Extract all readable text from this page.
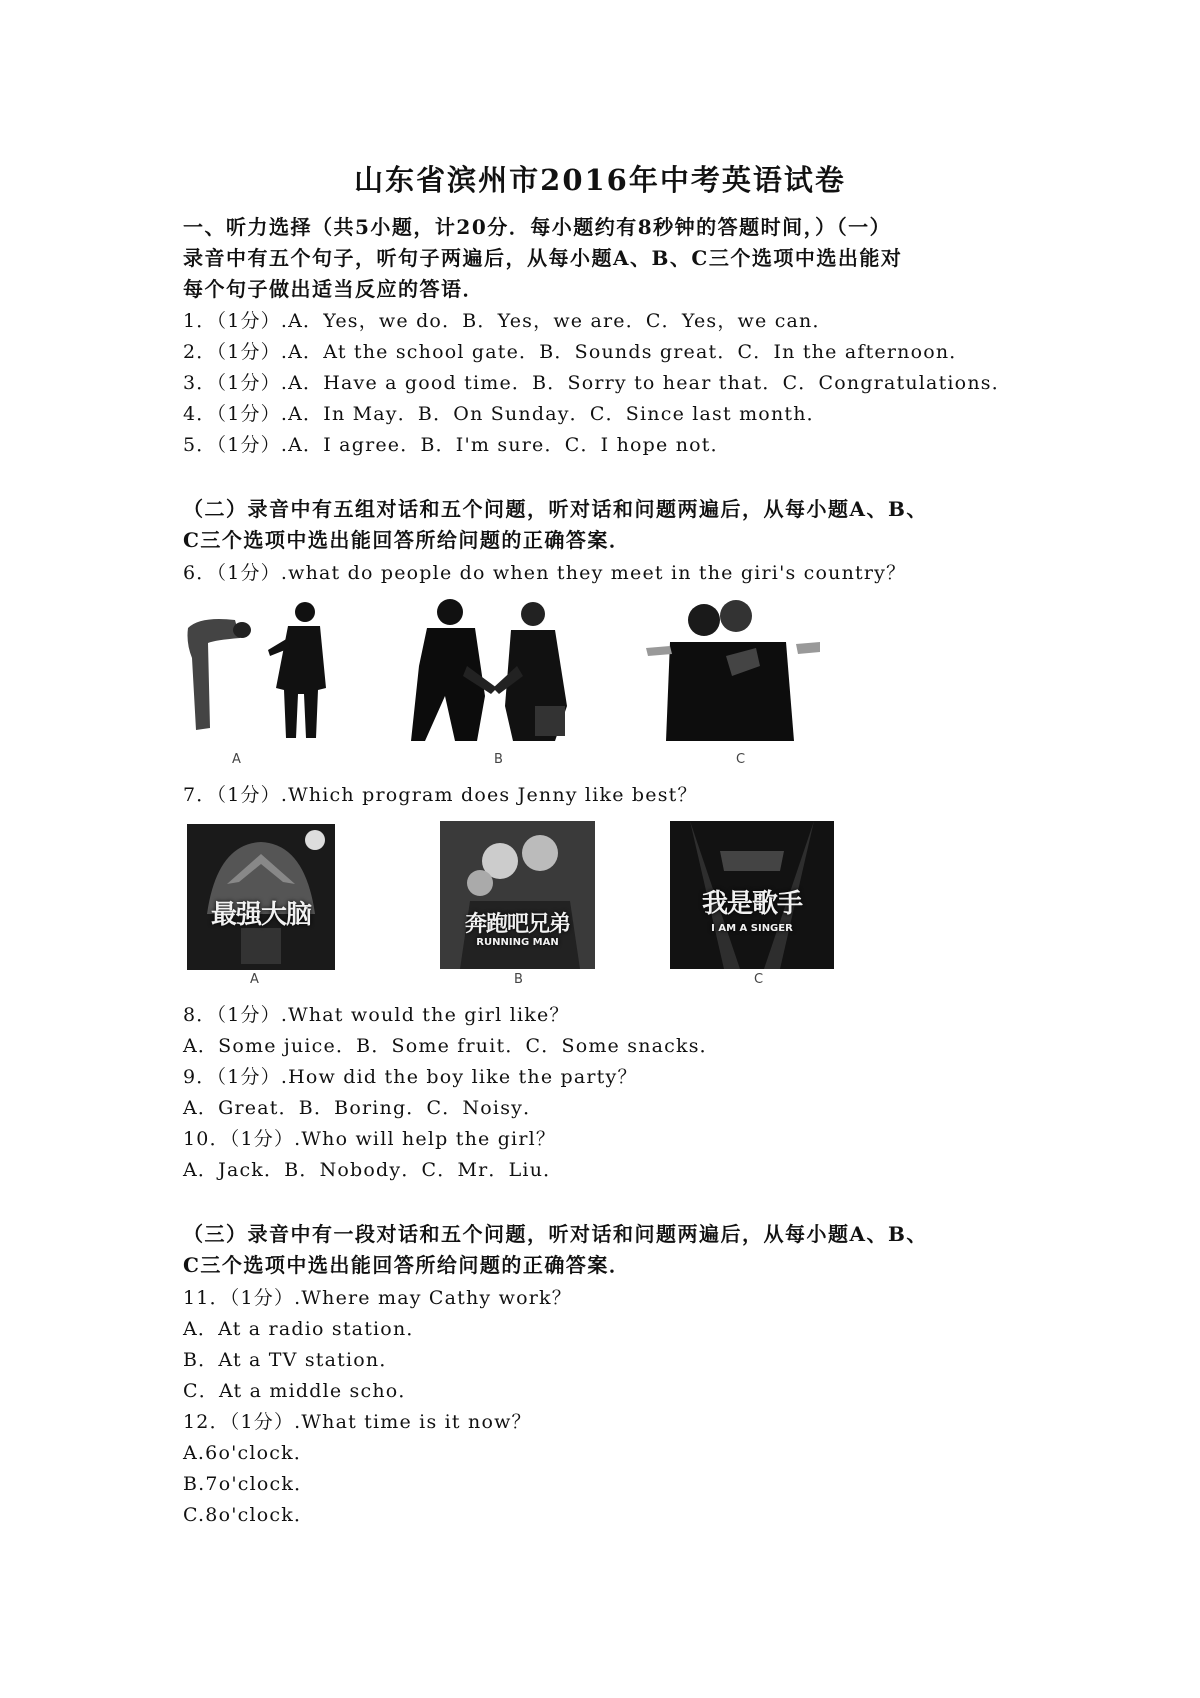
山东省滨州市2016年中考英语试卷
一、听力选择（共5小题，计20分．每小题约有8秒钟的答题时间，）（一）
录音中有五个句子，听句子两遍后，从每小题A、B、C三个选项中选出能对
每个句子做出适当反应的答语．
1．（1分）.A．Yes，we do．B．Yes，we are．C．Yes，we can．
2．（1分）.A．At the school gate．B．Sounds great．C．In the afternoon．
3．（1分）.A．Have a good time．B．Sorry to hear that．C．Congratulations．
4．（1分）.A．In May．B．On Sunday．C．Since last month．
5．（1分）.A．I agree．B．I'm sure．C．I hope not．
（二）录音中有五组对话和五个问题，听对话和问题两遍后，从每小题A、B、
C三个选项中选出能回答所给问题的正确答案．
6．（1分）.what do people do when they meet in the giri's country？
A	B	C
7．（1分）.Which program does Jenny like best？
最强大脑	奔跑吧兄弟
RUNNING MAN
我是歌手
I AM A SINGER
A	B	C
8．（1分）.What would the girl like？
A．Some juice．B．Some fruit．C．Some snacks．
9．（1分）.How did the boy like the party？
A．Great．B．Boring．C．Noisy．
10．（1分）.Who will help the girl？
A．Jack．B．Nobody．C．Mr．Liu．
（三）录音中有一段对话和五个问题，听对话和问题两遍后，从每小题A、B、
C三个选项中选出能回答所给问题的正确答案．
11．（1分）.Where may Cathy work？
A．At a radio station．
B．At a TV station．
C．At a middle scho．
12．（1分）.What time is it now？
A.6o'clock．
B.7o'clock．
C.8o'clock．
